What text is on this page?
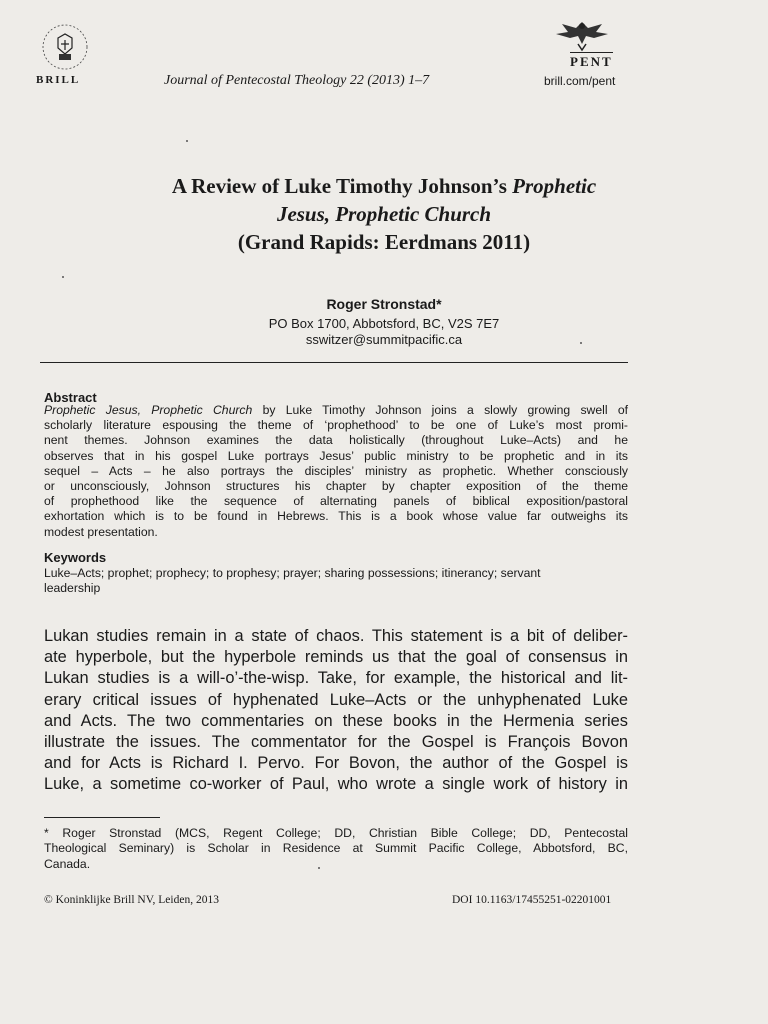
BRILL	Journal of Pentecostal Theology 22 (2013) 1–7
PENT
brill.com/pent
A Review of Luke Timothy Johnson’s Prophetic
Jesus, Prophetic Church
(Grand Rapids: Eerdmans 2011)
Roger Stronstad*
PO Box 1700, Abbotsford, BC, V2S 7E7
sswitzer@summitpacific.ca
Abstract
Prophetic Jesus, Prophetic Church by Luke Timothy Johnson joins a slowly growing swell of
scholarly literature espousing the theme of ‘prophethood’ to be one of Luke’s most promi-
nent themes. Johnson examines the data holistically (throughout Luke–Acts) and he
observes that in his gospel Luke portrays Jesus’ public ministry to be prophetic and in its
sequel – Acts – he also portrays the disciples’ ministry as prophetic. Whether consciously
or unconsciously, Johnson structures his chapter by chapter exposition of the theme
of prophethood like the sequence of alternating panels of biblical exposition/pastoral
exhortation which is to be found in Hebrews. This is a book whose value far outweighs its
modest presentation.
Keywords
Luke–Acts; prophet; prophecy; to prophesy; prayer; sharing possessions; itinerancy; servant
leadership
Lukan studies remain in a state of chaos. This statement is a bit of deliber-
ate hyperbole, but the hyperbole reminds us that the goal of consensus in
Lukan studies is a will-o’-the-wisp. Take, for example, the historical and lit-
erary critical issues of hyphenated Luke–Acts or the unhyphenated Luke
and Acts. The two commentaries on these books in the Hermenia series
illustrate the issues. The commentator for the Gospel is François Bovon
and for Acts is Richard I. Pervo. For Bovon, the author of the Gospel is
Luke, a sometime co-worker of Paul, who wrote a single work of history in
* Roger Stronstad (MCS, Regent College; DD, Christian Bible College; DD, Pentecostal
Theological Seminary) is Scholar in Residence at Summit Pacific College, Abbotsford, BC,
Canada.
© Koninklijke Brill NV, Leiden, 2013	DOI 10.1163/17455251-02201001
